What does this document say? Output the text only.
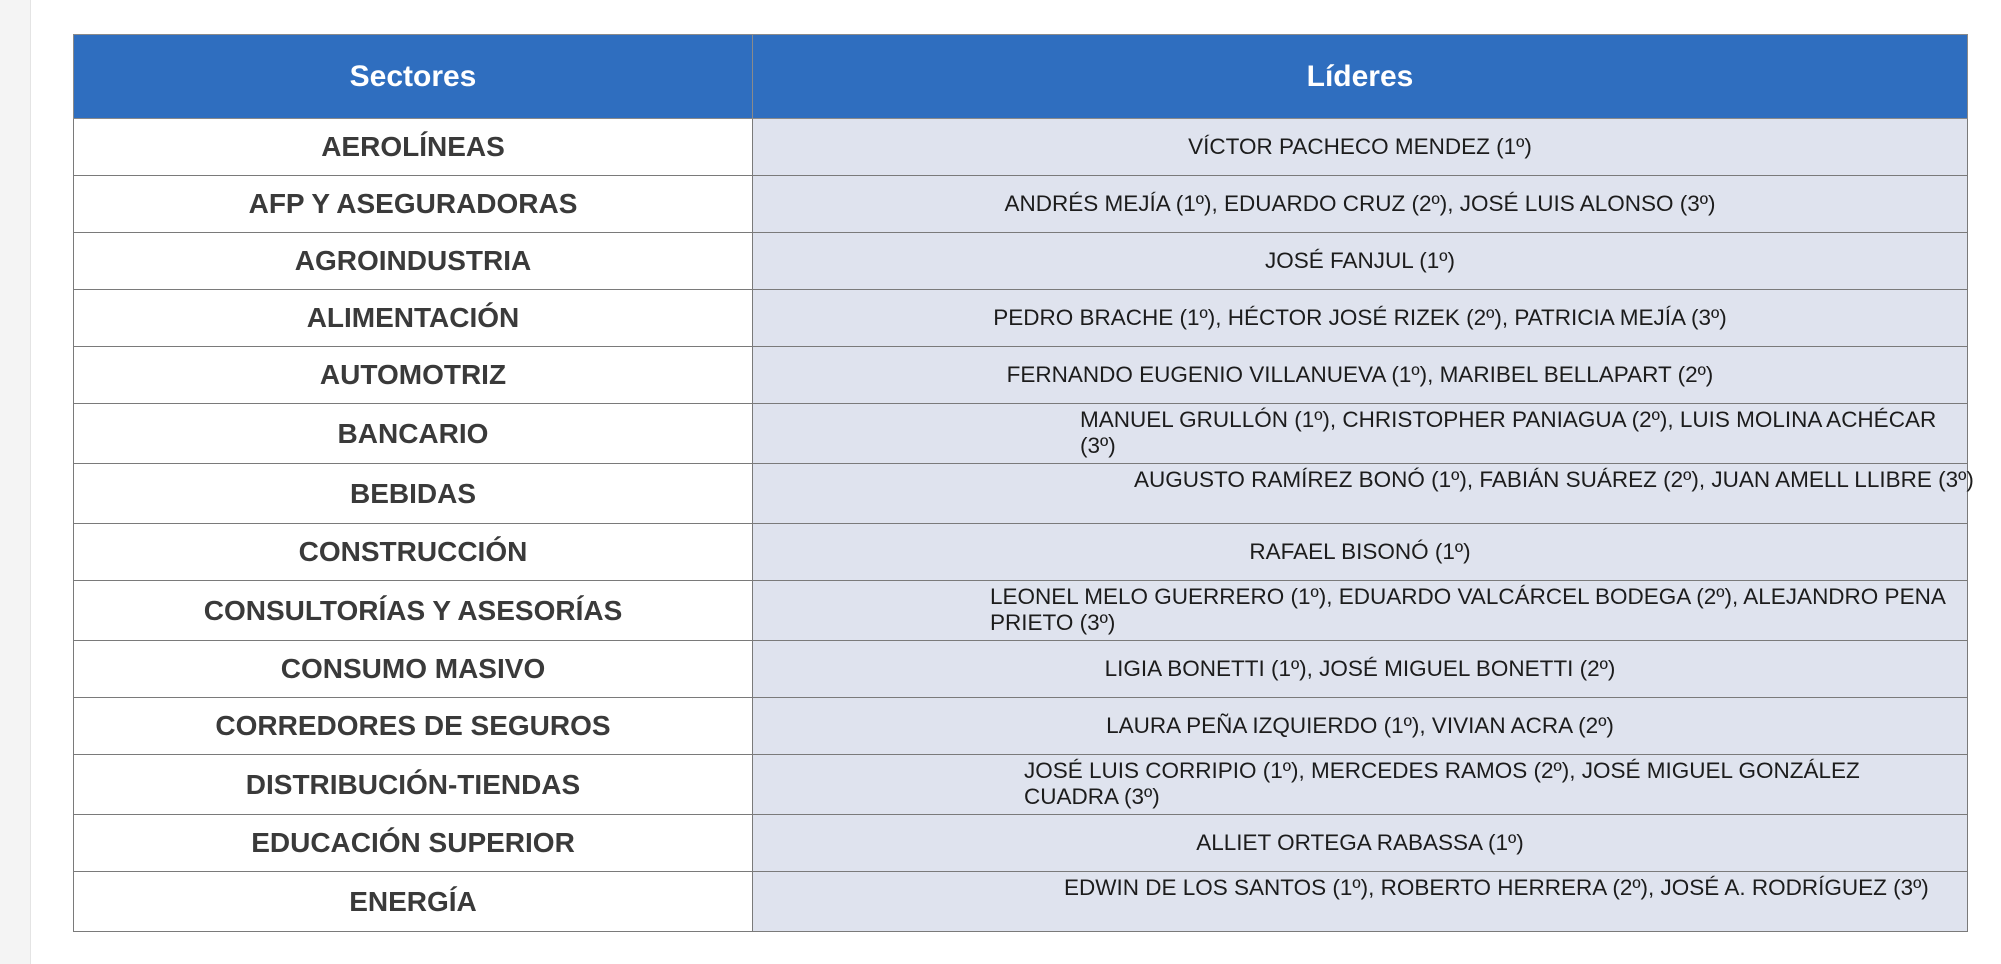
Sectores	Líderes
AEROLÍNEAS	VÍCTOR PACHECO MENDEZ (1º)
AFP Y ASEGURADORAS	ANDRÉS MEJÍA (1º), EDUARDO CRUZ (2º), JOSÉ LUIS ALONSO (3º)
AGROINDUSTRIA	JOSÉ FANJUL (1º)
ALIMENTACIÓN	PEDRO BRACHE (1º), HÉCTOR JOSÉ RIZEK (2º), PATRICIA MEJÍA (3º)
AUTOMOTRIZ	FERNANDO EUGENIO VILLANUEVA (1º), MARIBEL BELLAPART (2º)
BANCARIO	MANUEL GRULLÓN (1º), CHRISTOPHER PANIAGUA (2º), LUIS MOLINA ACHÉCAR (3º)

BEBIDAS	AUGUSTO RAMÍREZ BONÓ (1º), FABIÁN SUÁREZ (2º), JUAN AMELL LLIBRE (3º)

CONSTRUCCIÓN	RAFAEL BISONÓ (1º)
CONSULTORÍAS Y ASESORÍAS	LEONEL MELO GUERRERO (1º), EDUARDO VALCÁRCEL BODEGA (2º), ALEJANDRO PENA PRIETO (3º)

CONSUMO MASIVO	LIGIA BONETTI (1º), JOSÉ MIGUEL BONETTI (2º)
CORREDORES DE SEGUROS	LAURA PEÑA IZQUIERDO (1º), VIVIAN ACRA (2º)
DISTRIBUCIÓN-TIENDAS	JOSÉ LUIS CORRIPIO (1º), MERCEDES RAMOS (2º), JOSÉ MIGUEL GONZÁLEZ CUADRA (3º)

EDUCACIÓN SUPERIOR	ALLIET ORTEGA RABASSA (1º)
ENERGÍA	EDWIN DE LOS SANTOS (1º), ROBERTO HERRERA (2º), JOSÉ A. RODRÍGUEZ (3º)
